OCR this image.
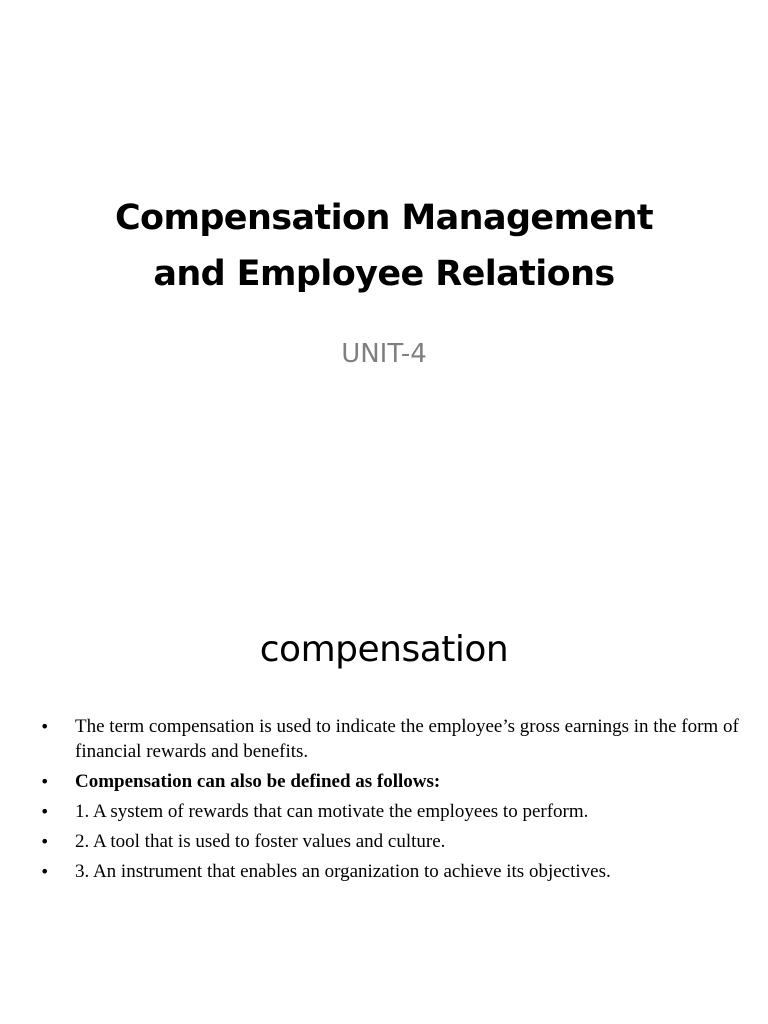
Compensation Management
and Employee Relations
UNIT-4
compensation
•	The term compensation is used to indicate the employee’s gross earnings in the form of financial rewards and benefits.
•	Compensation can also be defined as follows:
•	1. A system of rewards that can motivate the employees to perform.
•	2. A tool that is used to foster values and culture.
•	3. An instrument that enables an organization to achieve its objectives.
